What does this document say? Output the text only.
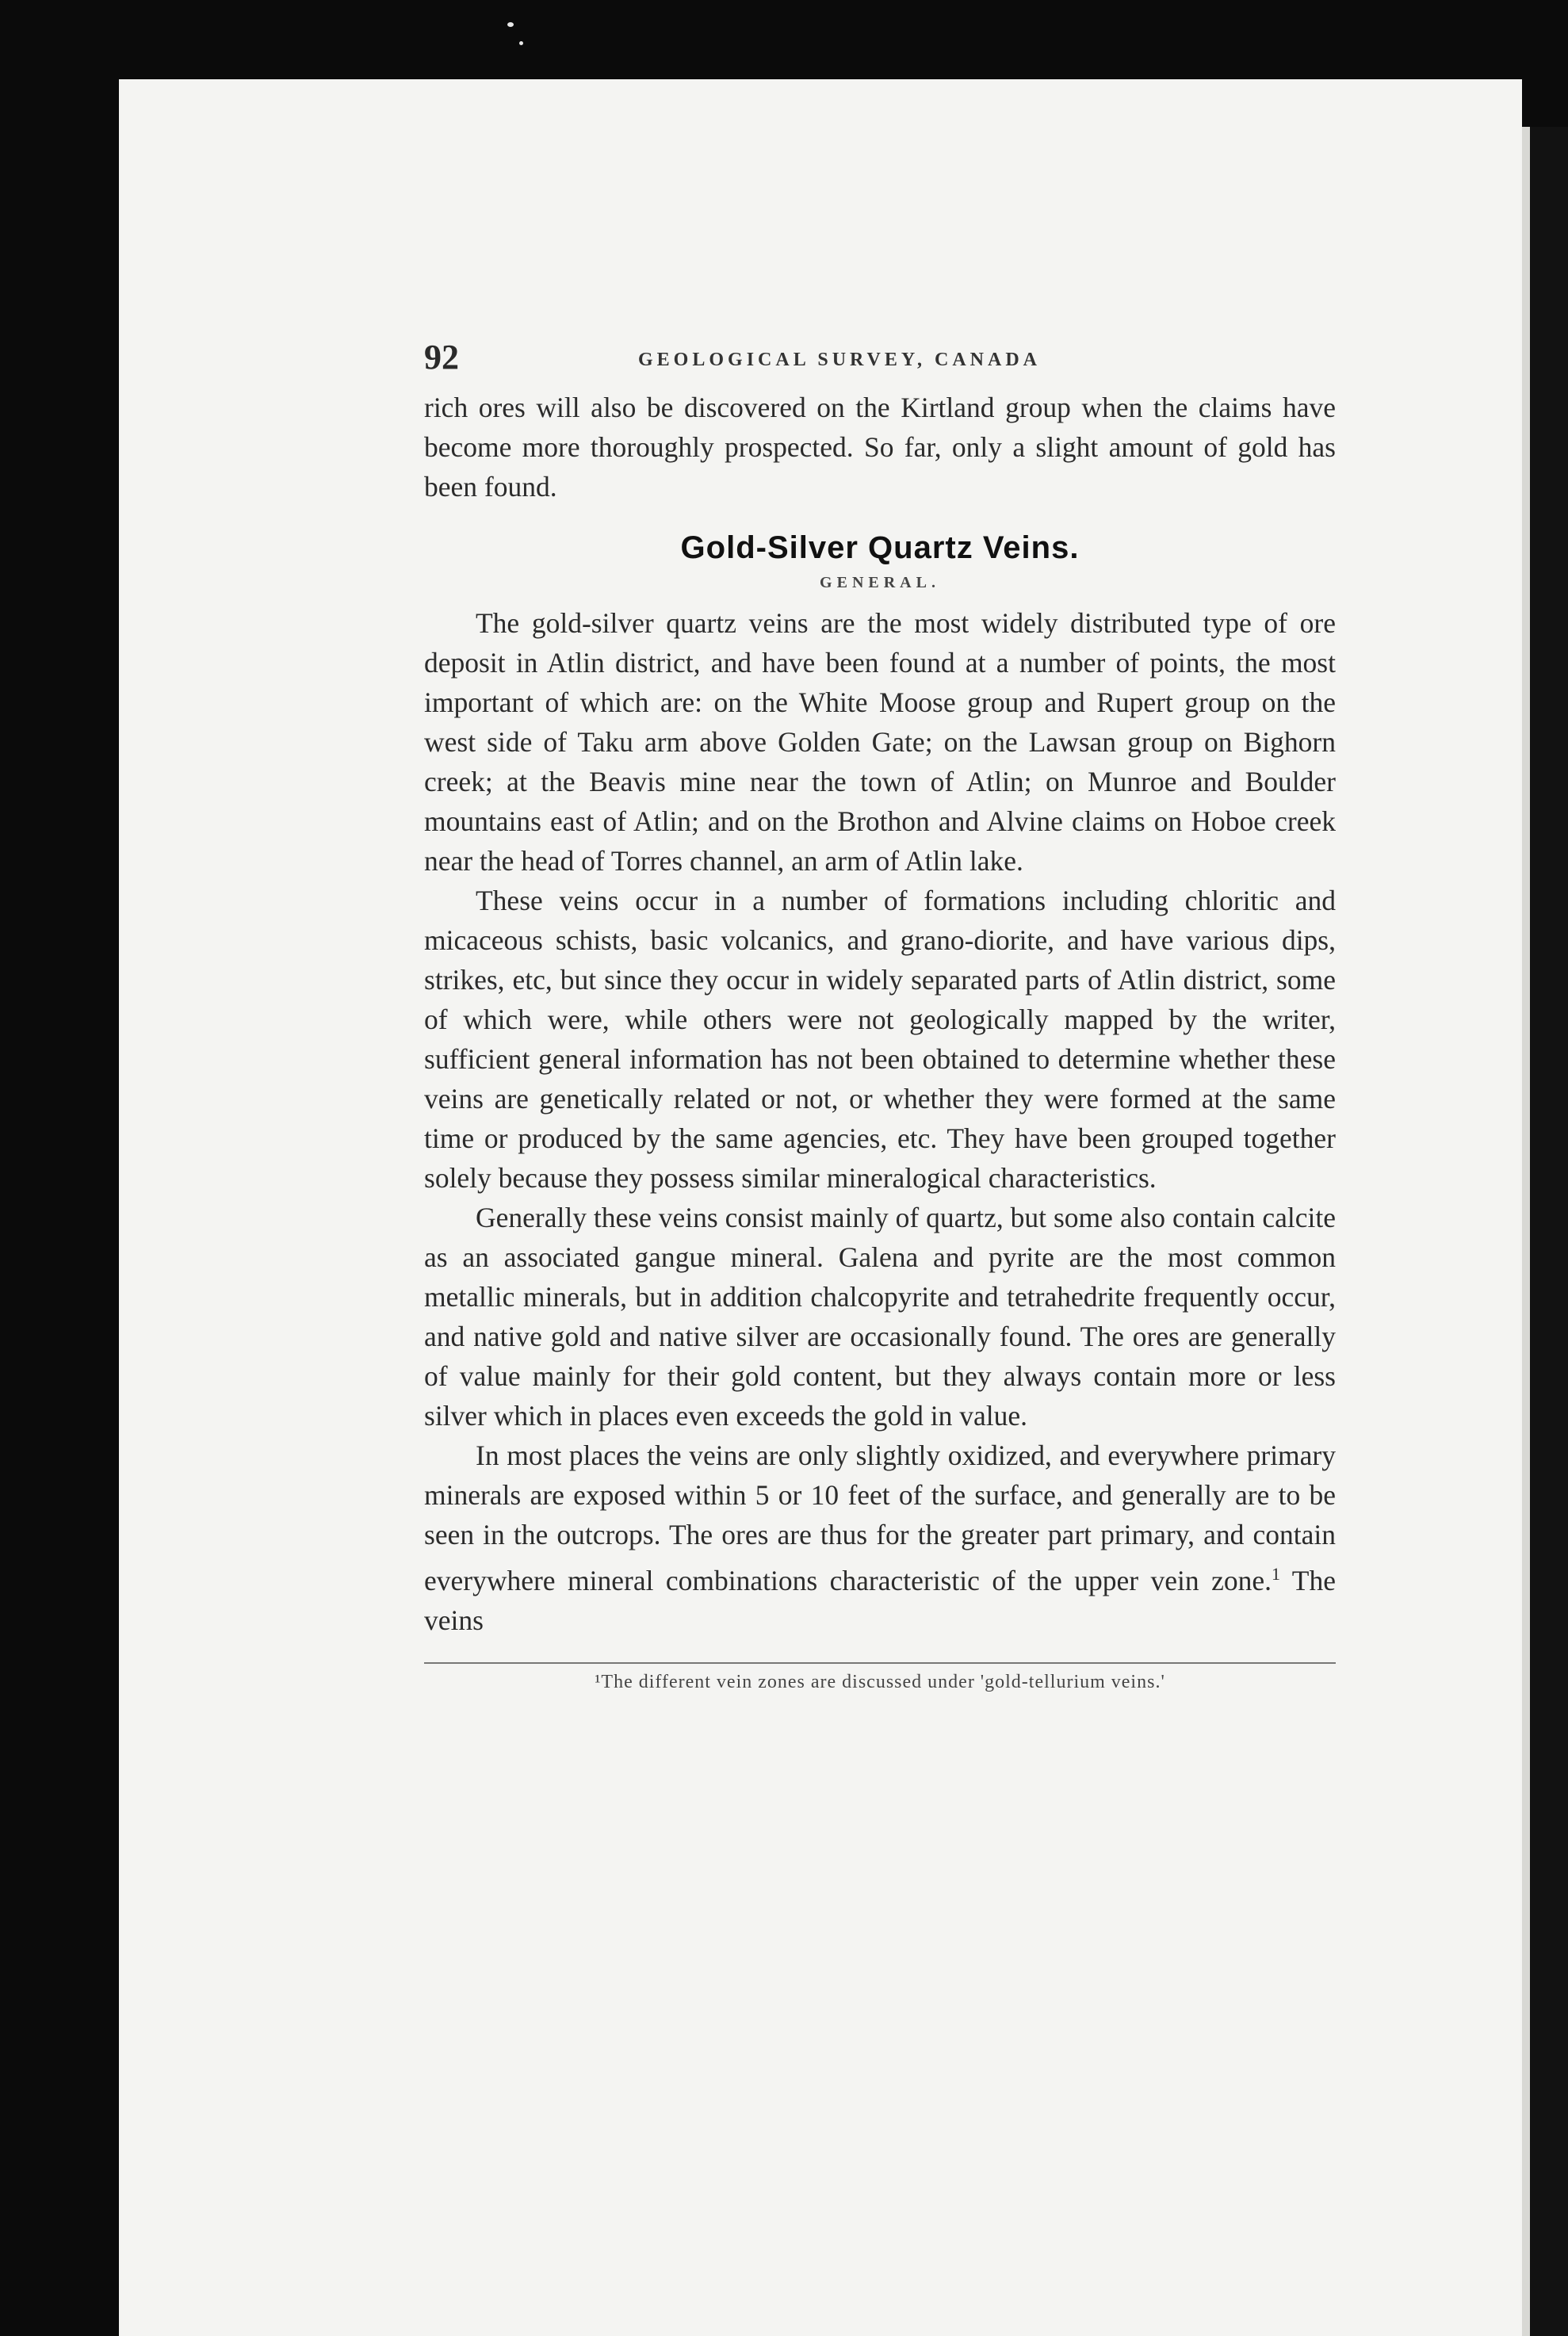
92	GEOLOGICAL SURVEY, CANADA

rich ores will also be discovered on the Kirtland group when the claims have become more thoroughly prospected. So far, only a slight amount of gold has been found.

Gold-Silver Quartz Veins.
GENERAL.

The gold-silver quartz veins are the most widely distributed type of ore deposit in Atlin district, and have been found at a number of points, the most important of which are: on the White Moose group and Rupert group on the west side of Taku arm above Golden Gate; on the Lawsan group on Bighorn creek; at the Beavis mine near the town of Atlin; on Munroe and Boulder mountains east of Atlin; and on the Brothon and Alvine claims on Hoboe creek near the head of Torres channel, an arm of Atlin lake.

These veins occur in a number of formations including chloritic and micaceous schists, basic volcanics, and grano-diorite, and have various dips, strikes, etc, but since they occur in widely separated parts of Atlin district, some of which were, while others were not geologically mapped by the writer, sufficient general information has not been obtained to determine whether these veins are genetically related or not, or whether they were formed at the same time or produced by the same agencies, etc. They have been grouped together solely because they possess similar mineralogical characteristics.

Generally these veins consist mainly of quartz, but some also contain calcite as an associated gangue mineral. Galena and pyrite are the most common metallic minerals, but in addition chalcopyrite and tetrahedrite frequently occur, and native gold and native silver are occasionally found. The ores are generally of value mainly for their gold content, but they always contain more or less silver which in places even exceeds the gold in value.

In most places the veins are only slightly oxidized, and everywhere primary minerals are exposed within 5 or 10 feet of the surface, and generally are to be seen in the outcrops. The ores are thus for the greater part primary, and contain everywhere mineral combinations characteristic of the upper vein zone.$^1$ The veins

¹The different vein zones are discussed under 'gold-tellurium veins.'
